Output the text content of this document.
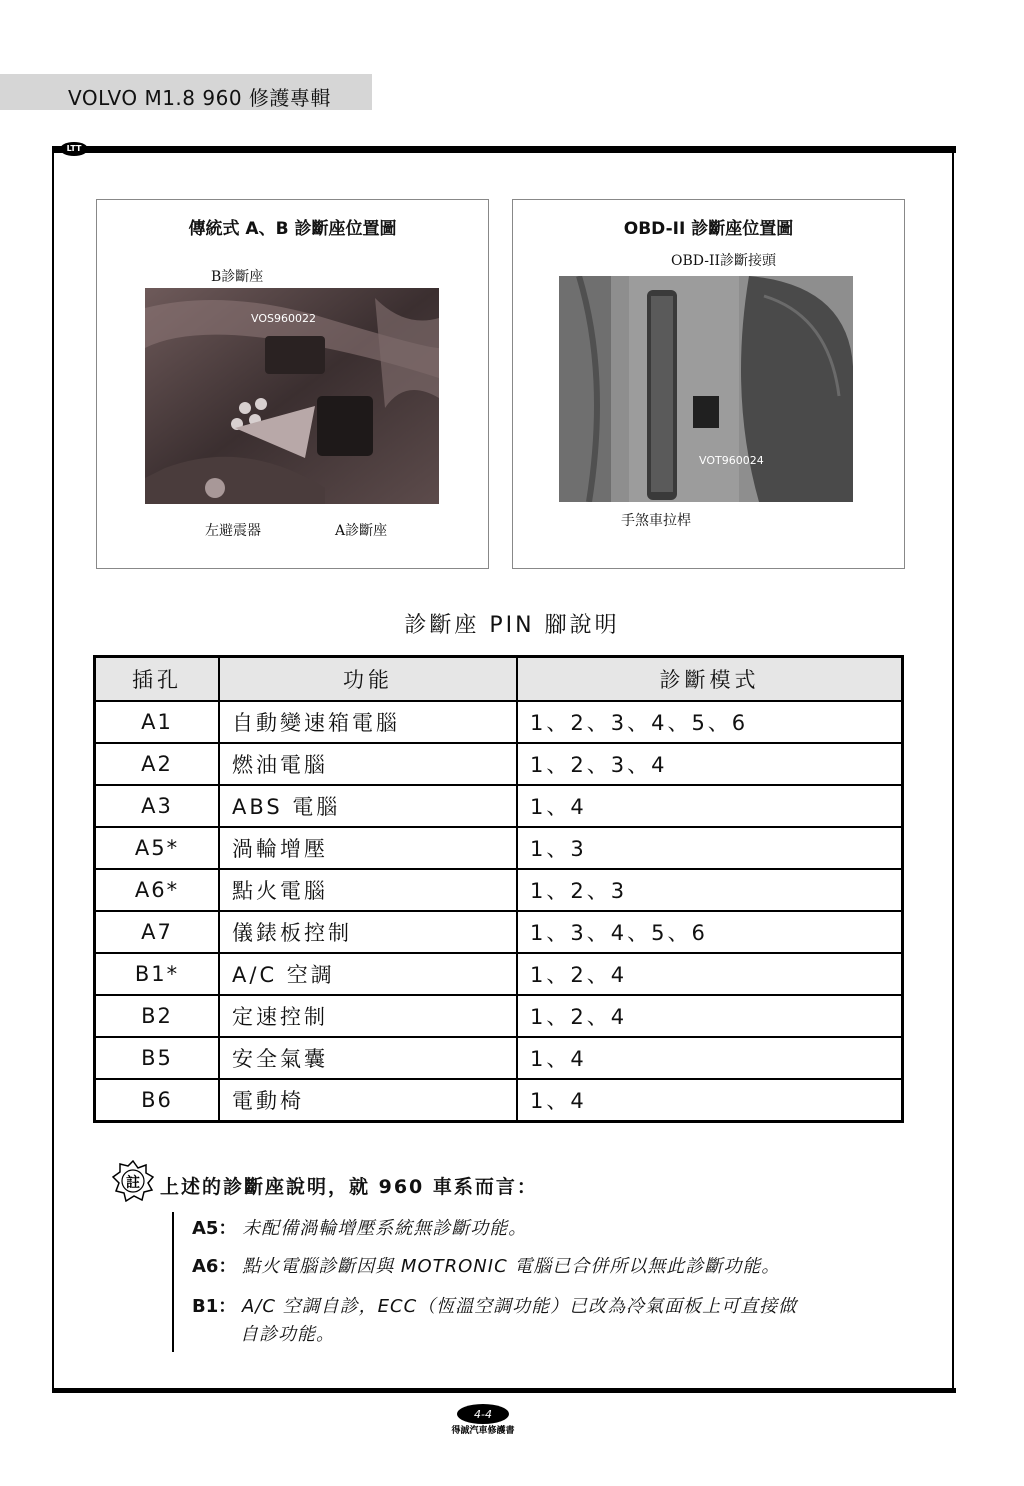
VOLVO M1.8 960 修護專輯
LTT
傳統式 A、B 診斷座位置圖
B診斷座
VOS960022
左避震器	A診斷座
OBD-II 診斷座位置圖
OBD-II診斷接頭
VOT960024
手煞車拉桿
診斷座 PIN 腳說明
插孔	功能	診斷模式
A1	自動變速箱電腦	1、2、3、4、5、6
A2	燃油電腦	1、2、3、4
A3	ABS 電腦	1、4
A5*	渦輪增壓	1、3
A6*	點火電腦	1、2、3
A7	儀錶板控制	1、3、4、5、6
B1*	A/C 空調	1、2、4
B2	定速控制	1、2、4
B5	安全氣囊	1、4
B6	電動椅	1、4
註 上述的診斷座說明，就 960 車系而言：
A5： 未配備渦輪增壓系統無診斷功能。
A6： 點火電腦診斷因與 MOTRONIC 電腦已合併所以無此診斷功能。
B1： A/C 空調自診，ECC（恆溫空調功能）已改為冷氣面板上可直接做
自診功能。
4-4
得誠汽車修護書
